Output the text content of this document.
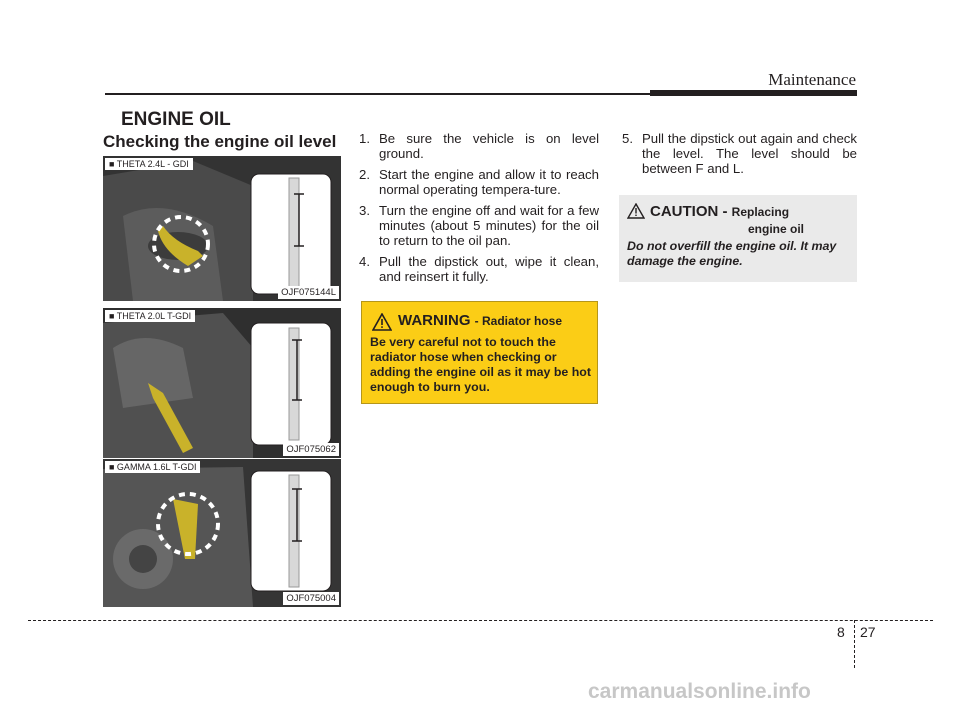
Maintenance
ENGINE OIL
Checking the engine oil level
■ THETA 2.4L - GDI
OJF075144L
■ THETA 2.0L T-GDI
OJF075062
■ GAMMA 1.6L T-GDI
OJF075004
1. Be sure the vehicle is on level ground.
2. Start the engine and allow it to reach normal operating tempera-ture.
3. Turn the engine off and wait for a few minutes (about 5 minutes) for the oil to return to the oil pan.
4. Pull the dipstick out, wipe it clean, and reinsert it fully.
5. Pull the dipstick out again and check the level. The level should be between F and L.
WARNING - Radiator hose
Be very careful not to touch the radiator hose when checking or adding the engine oil as it may be hot enough to burn you.
CAUTION - Replacing
engine oil
Do not overfill the engine oil. It may damage the engine.
8 27
carmanualsonline.info
